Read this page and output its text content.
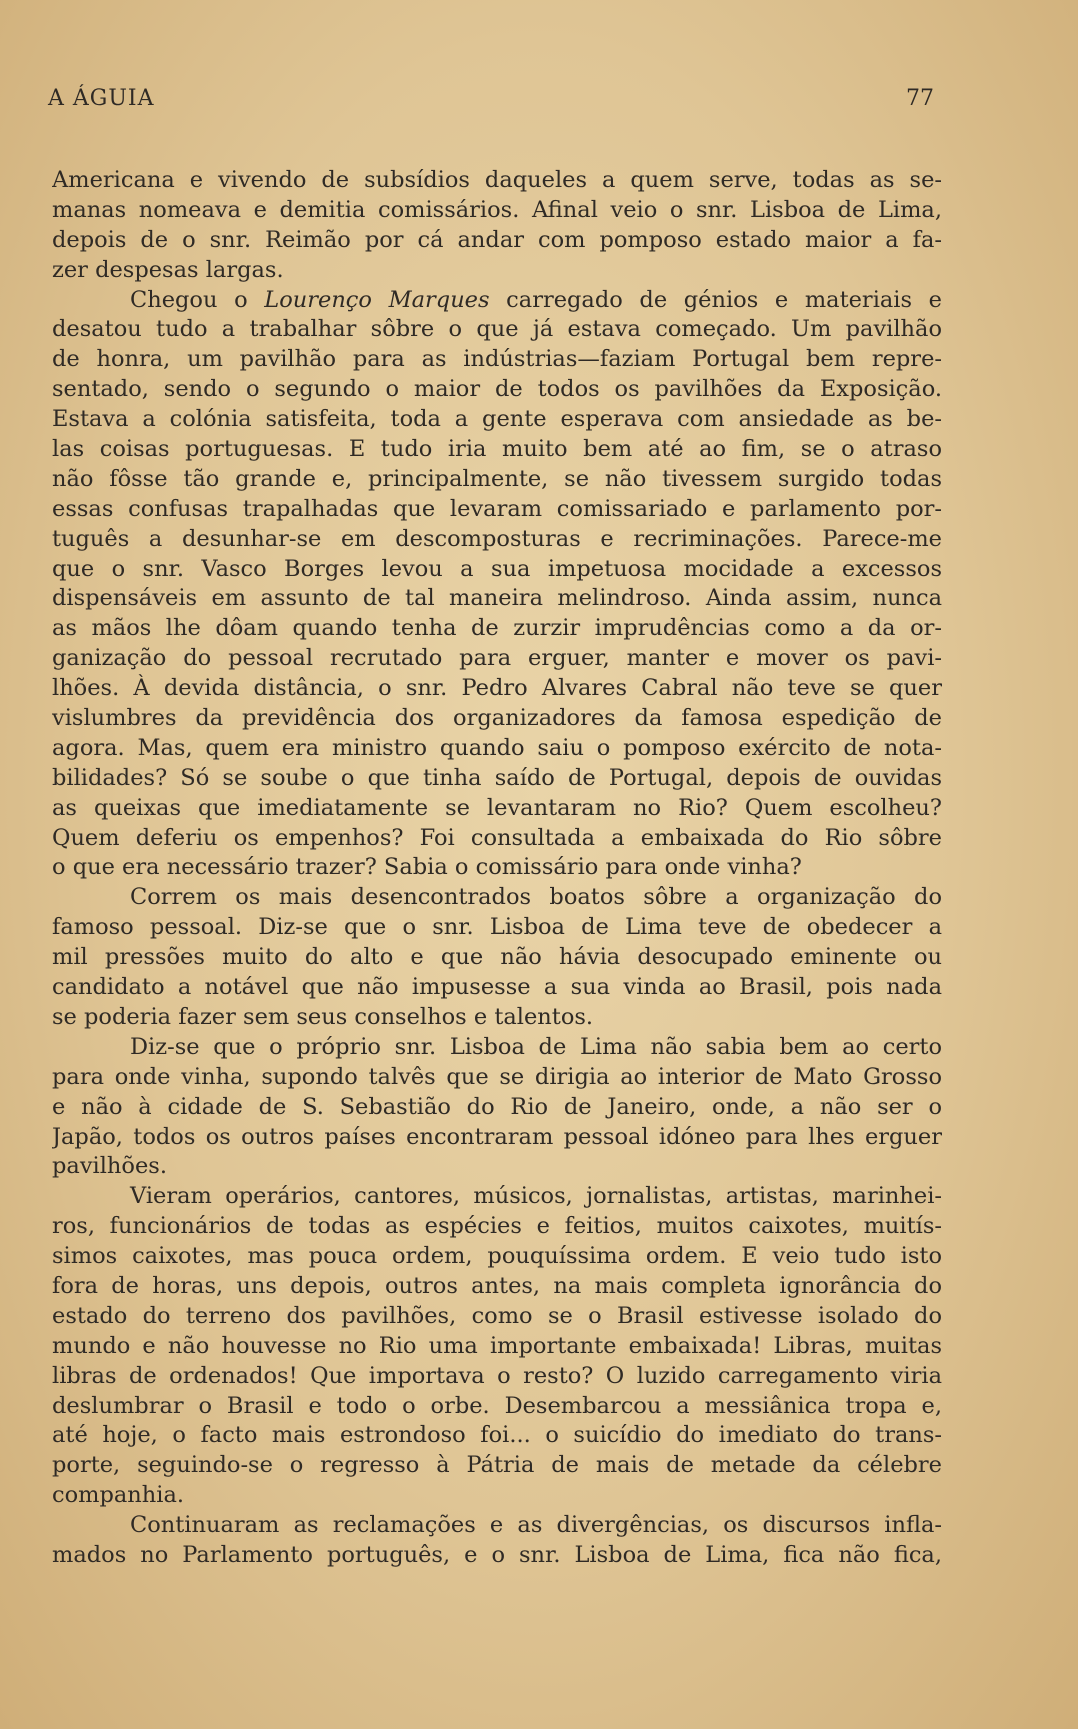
A ÁGUIA	77
Americana e vivendo de subsídios daqueles a quem serve, todas as se-
manas nomeava e demitia comissários. Afinal veio o snr. Lisboa de Lima,
depois de o snr. Reimão por cá andar com pomposo estado maior a fa-
zer despesas largas.
Chegou o Lourenço Marques carregado de génios e materiais e
desatou tudo a trabalhar sôbre o que já estava começado. Um pavilhão
de honra, um pavilhão para as indústrias—faziam Portugal bem repre-
sentado, sendo o segundo o maior de todos os pavilhões da Exposição.
Estava a colónia satisfeita, toda a gente esperava com ansiedade as be-
las coisas portuguesas. E tudo iria muito bem até ao fim, se o atraso
não fôsse tão grande e, principalmente, se não tivessem surgido todas
essas confusas trapalhadas que levaram comissariado e parlamento por-
tuguês a desunhar-se em descomposturas e recriminações. Parece-me
que o snr. Vasco Borges levou a sua impetuosa mocidade a excessos
dispensáveis em assunto de tal maneira melindroso. Ainda assim, nunca
as mãos lhe dôam quando tenha de zurzir imprudências como a da or-
ganização do pessoal recrutado para erguer, manter e mover os pavi-
lhões. À devida distância, o snr. Pedro Alvares Cabral não teve se quer
vislumbres da previdência dos organizadores da famosa espedição de
agora. Mas, quem era ministro quando saiu o pomposo exército de nota-
bilidades? Só se soube o que tinha saído de Portugal, depois de ouvidas
as queixas que imediatamente se levantaram no Rio? Quem escolheu?
Quem deferiu os empenhos? Foi consultada a embaixada do Rio sôbre
o que era necessário trazer? Sabia o comissário para onde vinha?
Correm os mais desencontrados boatos sôbre a organização do
famoso pessoal. Diz-se que o snr. Lisboa de Lima teve de obedecer a
mil pressões muito do alto e que não hávia desocupado eminente ou
candidato a notável que não impusesse a sua vinda ao Brasil, pois nada
se poderia fazer sem seus conselhos e talentos.
Diz-se que o próprio snr. Lisboa de Lima não sabia bem ao certo
para onde vinha, supondo talvês que se dirigia ao interior de Mato Grosso
e não à cidade de S. Sebastião do Rio de Janeiro, onde, a não ser o
Japão, todos os outros países encontraram pessoal idóneo para lhes erguer
pavilhões.
Vieram operários, cantores, músicos, jornalistas, artistas, marinhei-
ros, funcionários de todas as espécies e feitios, muitos caixotes, muitís-
simos caixotes, mas pouca ordem, pouquíssima ordem. E veio tudo isto
fora de horas, uns depois, outros antes, na mais completa ignorância do
estado do terreno dos pavilhões, como se o Brasil estivesse isolado do
mundo e não houvesse no Rio uma importante embaixada! Libras, muitas
libras de ordenados! Que importava o resto? O luzido carregamento viria
deslumbrar o Brasil e todo o orbe. Desembarcou a messiânica tropa e,
até hoje, o facto mais estrondoso foi... o suicídio do imediato do trans-
porte, seguindo-se o regresso à Pátria de mais de metade da célebre
companhia.
Continuaram as reclamações e as divergências, os discursos infla-
mados no Parlamento português, e o snr. Lisboa de Lima, fica não fica,
